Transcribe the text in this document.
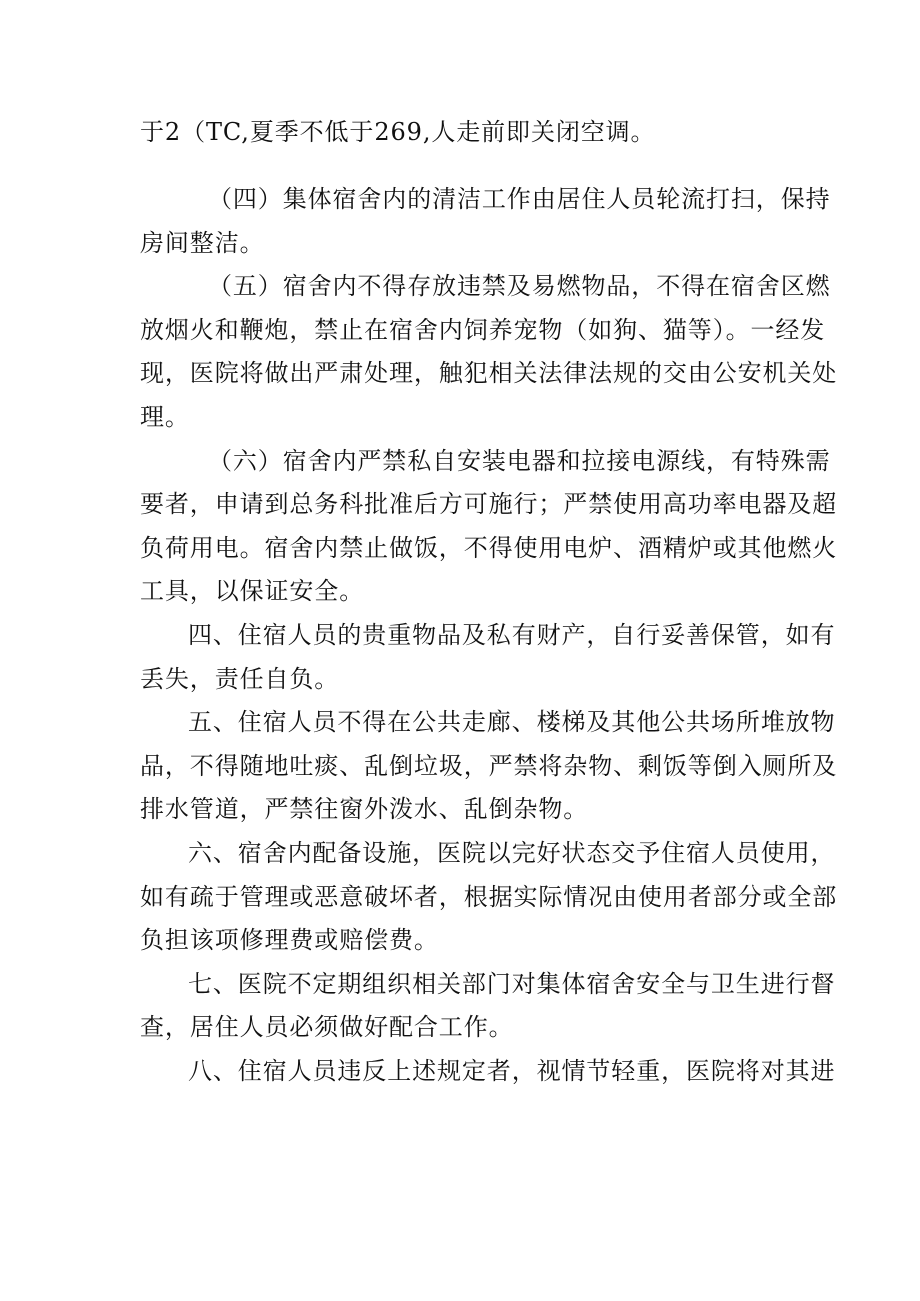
于2（TC,夏季不低于269,人走前即关闭空调。
（四）集体宿舍内的清洁工作由居住人员轮流打扫，保持
房间整洁。
（五）宿舍内不得存放违禁及易燃物品，不得在宿舍区燃
放烟火和鞭炮，禁止在宿舍内饲养宠物（如狗、猫等）。一经发
现，医院将做出严肃处理，触犯相关法律法规的交由公安机关处
理。
（六）宿舍内严禁私自安装电器和拉接电源线，有特殊需
要者，申请到总务科批准后方可施行；严禁使用高功率电器及超
负荷用电。宿舍内禁止做饭，不得使用电炉、酒精炉或其他燃火
工具，以保证安全。
四、住宿人员的贵重物品及私有财产，自行妥善保管，如有
丢失，责任自负。
五、住宿人员不得在公共走廊、楼梯及其他公共场所堆放物
品，不得随地吐痰、乱倒垃圾，严禁将杂物、剩饭等倒入厕所及
排水管道，严禁往窗外泼水、乱倒杂物。
六、宿舍内配备设施，医院以完好状态交予住宿人员使用，
如有疏于管理或恶意破坏者，根据实际情况由使用者部分或全部
负担该项修理费或赔偿费。
七、医院不定期组织相关部门对集体宿舍安全与卫生进行督
查，居住人员必须做好配合工作。
八、住宿人员违反上述规定者，视情节轻重，医院将对其进
